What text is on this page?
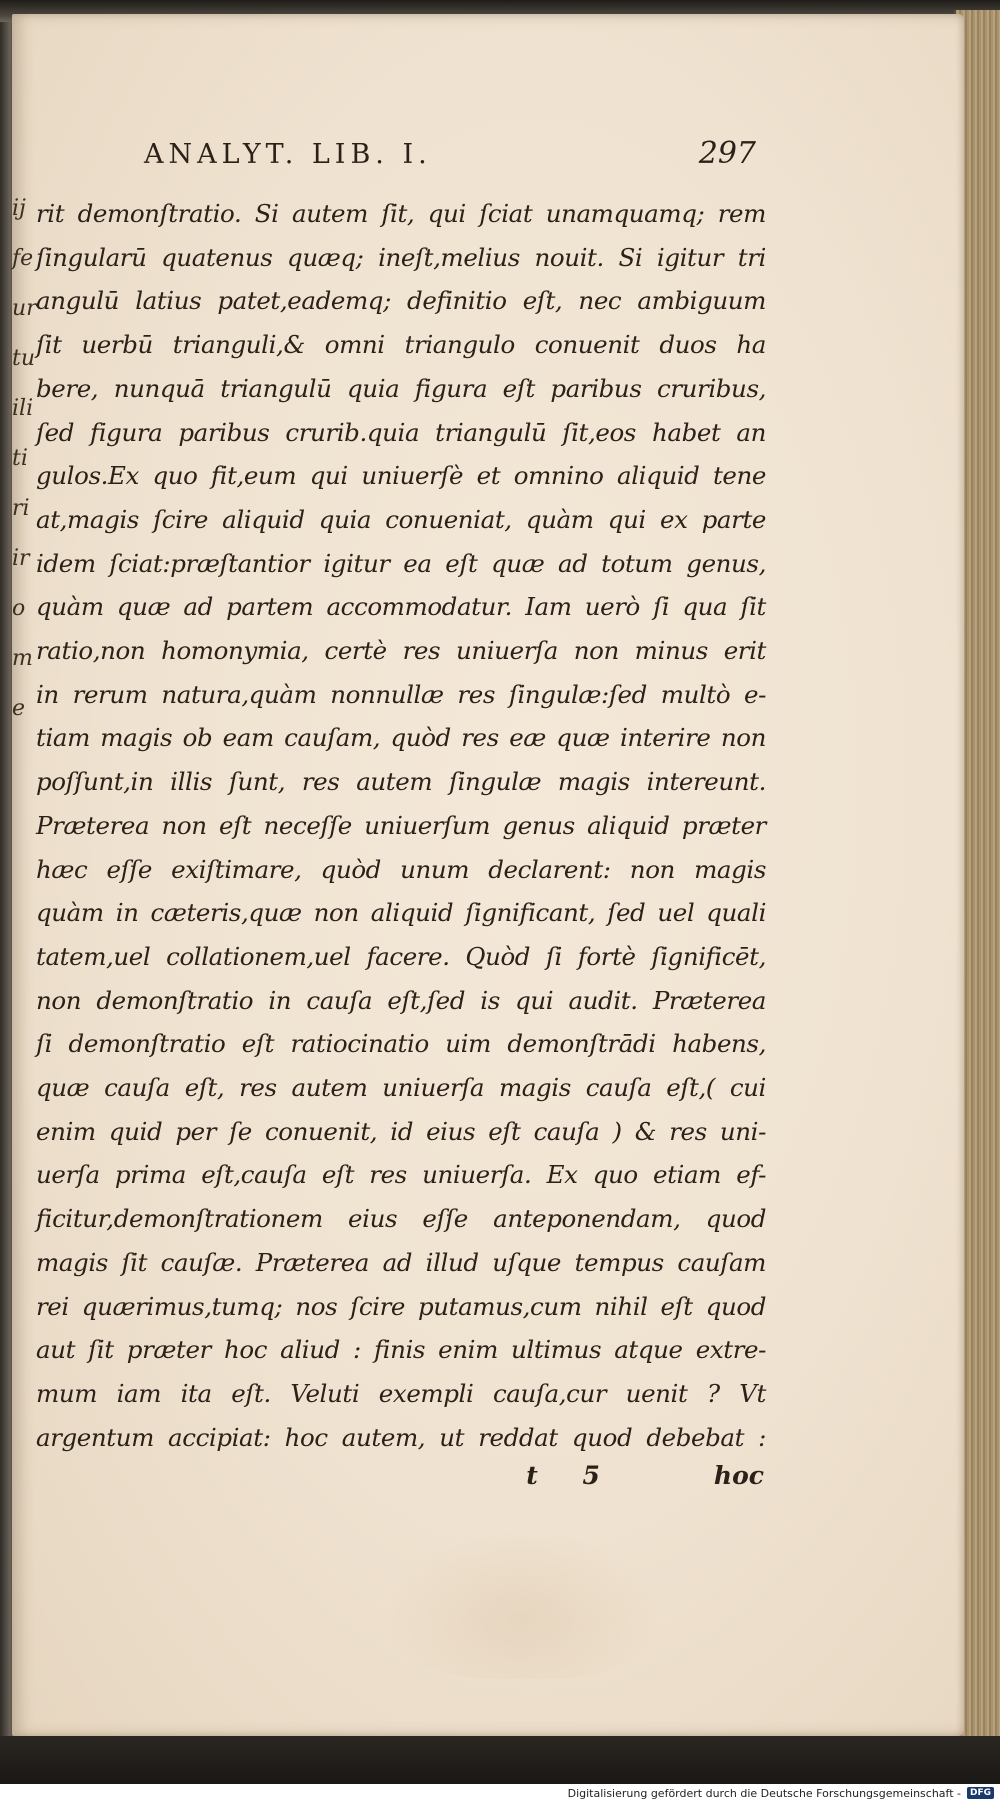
ij
fe
ur
tu
ili
ti
ri
ir
o
m
e
ANALYT. LIB. I.	297
rit demonſtratio. Si autem ſit, qui ſciat unamquamq; rem
ſingularū quatenus quæq; ineſt,melius nouit. Si igitur tri
angulū latius patet,eademq; definitio eſt, nec ambiguum
ſit uerbū trianguli,& omni triangulo conuenit duos ha
bere, nunquā triangulū quia figura eſt paribus cruribus,
ſed figura paribus crurib.quia triangulū ſit,eos habet an
gulos.Ex quo fit,eum qui uniuerſè et omnino aliquid tene
at,magis ſcire aliquid quia conueniat, quàm qui ex parte
idem ſciat:præſtantior igitur ea eſt quæ ad totum genus,
quàm quæ ad partem accommodatur. Iam uerò ſi qua ſit
ratio,non homonymia, certè res uniuerſa non minus erit
in rerum natura,quàm nonnullæ res ſingulæ:ſed multò e-
tiam magis ob eam cauſam, quòd res eæ quæ interire non
poſſunt,in illis ſunt, res autem ſingulæ magis intereunt.
Præterea non eſt neceſſe uniuerſum genus aliquid præter
hæc eſſe exiſtimare, quòd unum declarent: non magis
quàm in cæteris,quæ non aliquid ſignificant, ſed uel quali
tatem,uel collationem,uel facere. Quòd ſi fortè ſignificēt,
non demonſtratio in cauſa eſt,ſed is qui audit. Præterea
ſi demonſtratio eſt ratiocinatio uim demonſtrādi habens,
quæ cauſa eſt, res autem uniuerſa magis cauſa eſt,( cui
enim quid per ſe conuenit, id eius eſt cauſa ) & res uni-
uerſa prima eſt,cauſa eſt res uniuerſa. Ex quo etiam ef-
ficitur,demonſtrationem eius eſſe anteponendam, quod
magis ſit cauſæ. Præterea ad illud uſque tempus cauſam
rei quærimus,tumq; nos ſcire putamus,cum nihil eſt quod
aut ſit præter hoc aliud : finis enim ultimus atque extre-
mum iam ita eſt. Veluti exempli cauſa,cur uenit ? Vt
argentum accipiat: hoc autem, ut reddat quod debebat :
t 5	hoc
Digitalisierung gefördert durch die Deutsche Forschungsgemeinschaft -	DFG
